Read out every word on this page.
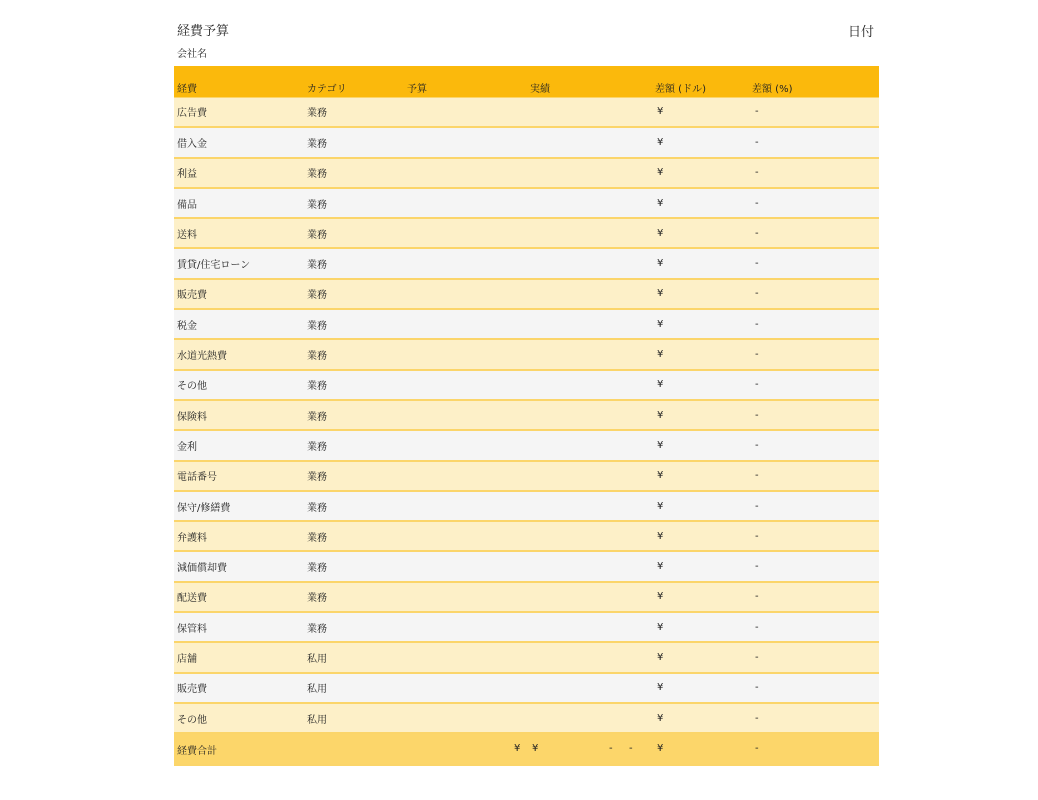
経費予算
会社名
日付
経費	カテゴリ	予算	実績	差額 (ドル)	差額 (%)
広告費	業務			¥	-
借入金	業務			¥	-
利益	業務			¥	-
備品	業務			¥	-
送料	業務			¥	-
賃貸/住宅ローン	業務			¥	-
販売費	業務			¥	-
税金	業務			¥	-
水道光熱費	業務			¥	-
その他	業務			¥	-
保険料	業務			¥	-
金利	業務			¥	-
電話番号	業務			¥	-
保守/修繕費	業務			¥	-
弁護料	業務			¥	-
減価償却費	業務			¥	-
配送費	業務			¥	-
保管料	業務			¥	-
店舗	私用			¥	-
販売費	私用			¥	-
その他	私用			¥	-
経費合計		¥ -	¥ -	¥	-
